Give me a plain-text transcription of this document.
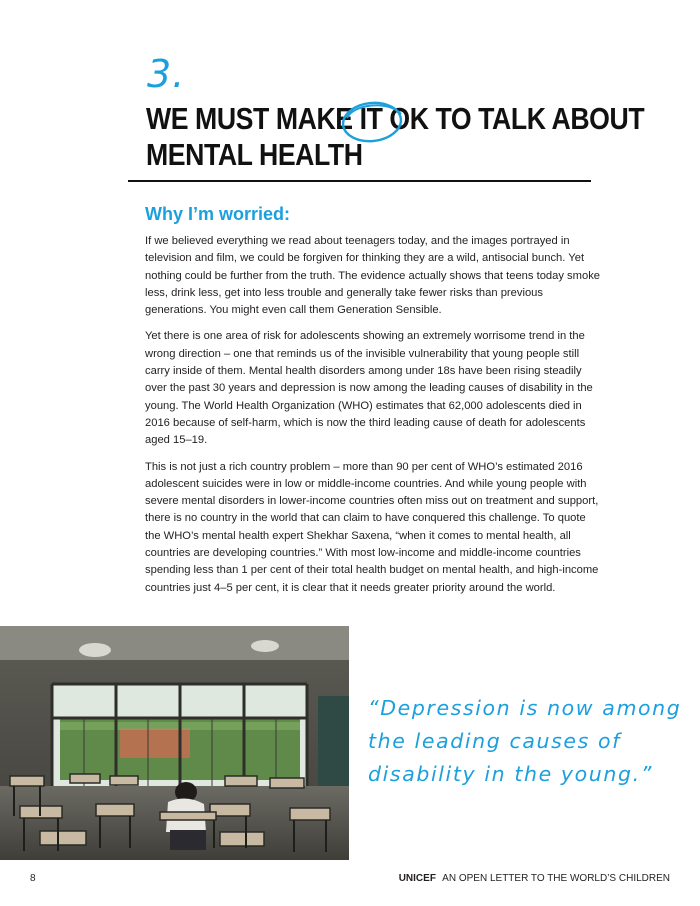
3.
WE MUST MAKE IT OK TO TALK ABOUT
MENTAL HEALTH
Why I’m worried:

If we believed everything we read about teenagers today, and the images portrayed in television and film, we could be forgiven for thinking they are a wild, antisocial bunch. Yet nothing could be further from the truth. The evidence actually shows that teens today smoke less, drink less, get into less trouble and generally take fewer risks than previous generations. You might even call them Generation Sensible.

Yet there is one area of risk for adolescents showing an extremely worrisome trend in the wrong direction – one that reminds us of the invisible vulnerability that young people still carry inside of them. Mental health disorders among under 18s have been rising steadily over the past 30 years and depression is now among the leading causes of disability in the young. The World Health Organization (WHO) estimates that 62,000 adolescents died in 2016 because of self-harm, which is now the third leading cause of death for adolescents aged 15–19.

This is not just a rich country problem – more than 90 per cent of WHO’s estimated 2016 adolescent suicides were in low or middle-income countries. And while young people with severe mental disorders in lower-income countries often miss out on treatment and support, there is no country in the world that can claim to have conquered this challenge. To quote the WHO’s mental health expert Shekhar Saxena, “when it comes to mental health, all countries are developing countries.” With most low-income and middle-income countries spending less than 1 per cent of their total health budget on mental health, and high-income countries just 4–5 per cent, it is clear that it needs greater priority around the world.

“Depression is now among the leading causes of disability in the young.”
8	UNICEF AN OPEN LETTER TO THE WORLD’S CHILDREN
